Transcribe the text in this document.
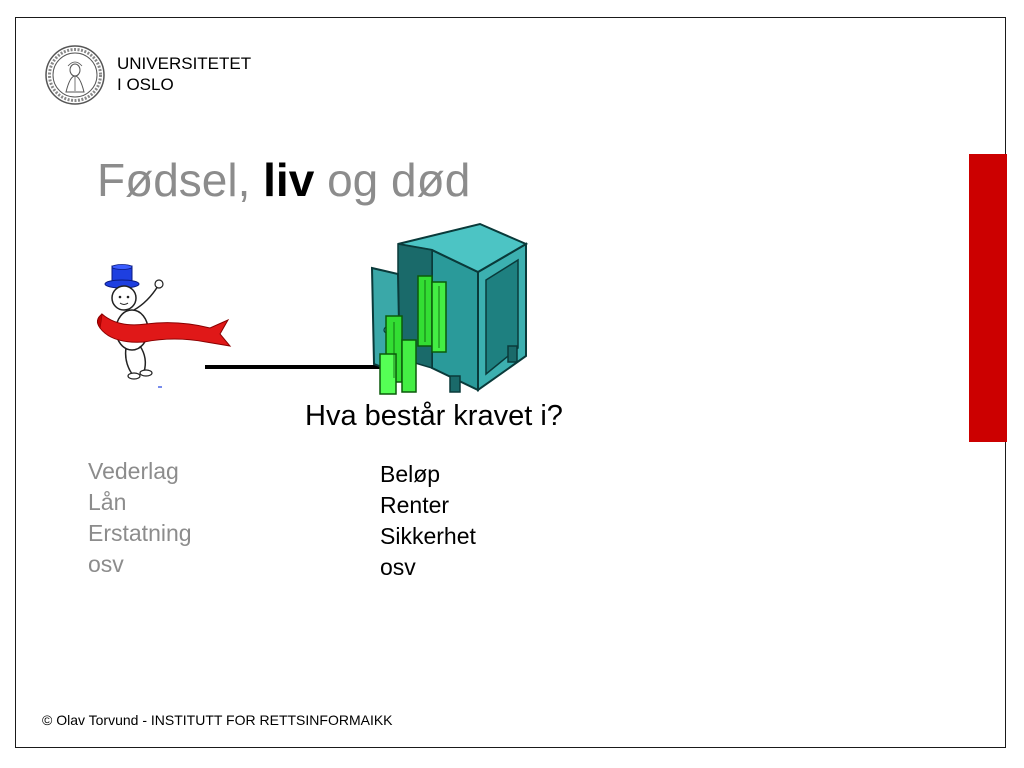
UNIVERSITETET
I OSLO
Fødsel, liv og død
Hva består kravet i?
Vederlag
Lån
Erstatning
osv
Beløp
Renter
Sikkerhet
osv
© Olav Torvund - INSTITUTT FOR RETTSINFORMAIKK
